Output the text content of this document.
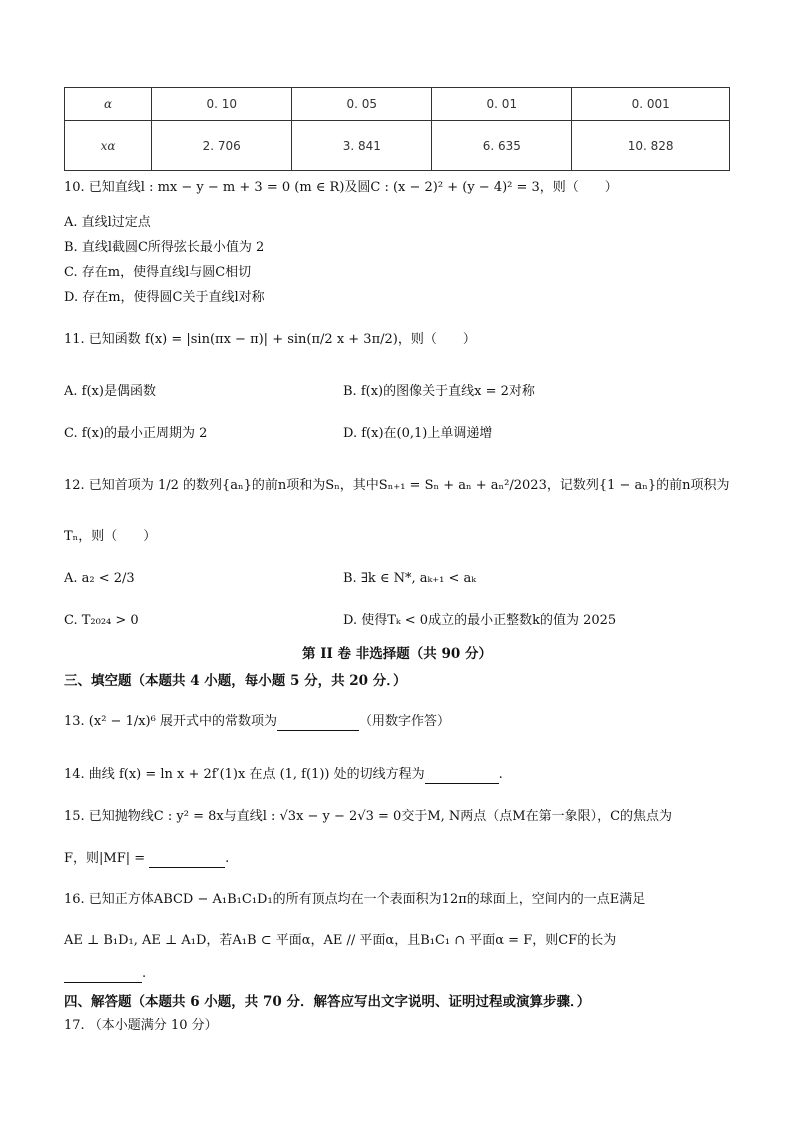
α	0. 10	0. 05	0. 01	0. 001
xα	2. 706	3. 841	6. 635	10. 828
10. 已知直线l : mx − y − m + 3 = 0 (m ∈ R)及圆C : (x − 2)² + (y − 4)² = 3，则（　　）
A. 直线l过定点
B. 直线l截圆C所得弦长最小值为 2
C. 存在m，使得直线l与圆C相切
D. 存在m，使得圆C关于直线l对称
11. 已知函数 f(x) = |sin(πx − π)| + sin(π/2 x + 3π/2)，则（　　）
A. f(x)是偶函数	B. f(x)的图像关于直线x = 2对称
C. f(x)的最小正周期为 2	D. f(x)在(0,1)上单调递增
12. 已知首项为 1/2 的数列{aₙ}的前n项和为Sₙ，其中Sₙ₊₁ = Sₙ + aₙ + aₙ²/2023，记数列{1 − aₙ}的前n项积为
Tₙ，则（　　）
A. a₂ < 2/3	B. ∃k ∈ N*, aₖ₊₁ < aₖ
C. T₂₀₂₄ > 0	D. 使得Tₖ < 0成立的最小正整数k的值为 2025
第 II 卷 非选择题（共 90 分）
三、填空题（本题共 4 小题，每小题 5 分，共 20 分．）
13. (x² − 1/x)⁶ 展开式中的常数项为	（用数字作答）
14. 曲线 f(x) = ln x + 2f′(1)x 在点 (1, f(1)) 处的切线方程为	.
15. 已知抛物线C : y² = 8x与直线l : √3x − y − 2√3 = 0交于M, N两点（点M在第一象限），C的焦点为
F，则|MF| =	.
16. 已知正方体ABCD − A₁B₁C₁D₁的所有顶点均在一个表面积为12π的球面上，空间内的一点E满足
AE ⊥ B₁D₁, AE ⊥ A₁D，若A₁B ⊂ 平面α，AE // 平面α，且B₁C₁ ∩ 平面α = F，则CF的长为
.
四、解答题（本题共 6 小题，共 70 分．解答应写出文字说明、证明过程或演算步骤．）
17. （本小题满分 10 分）
